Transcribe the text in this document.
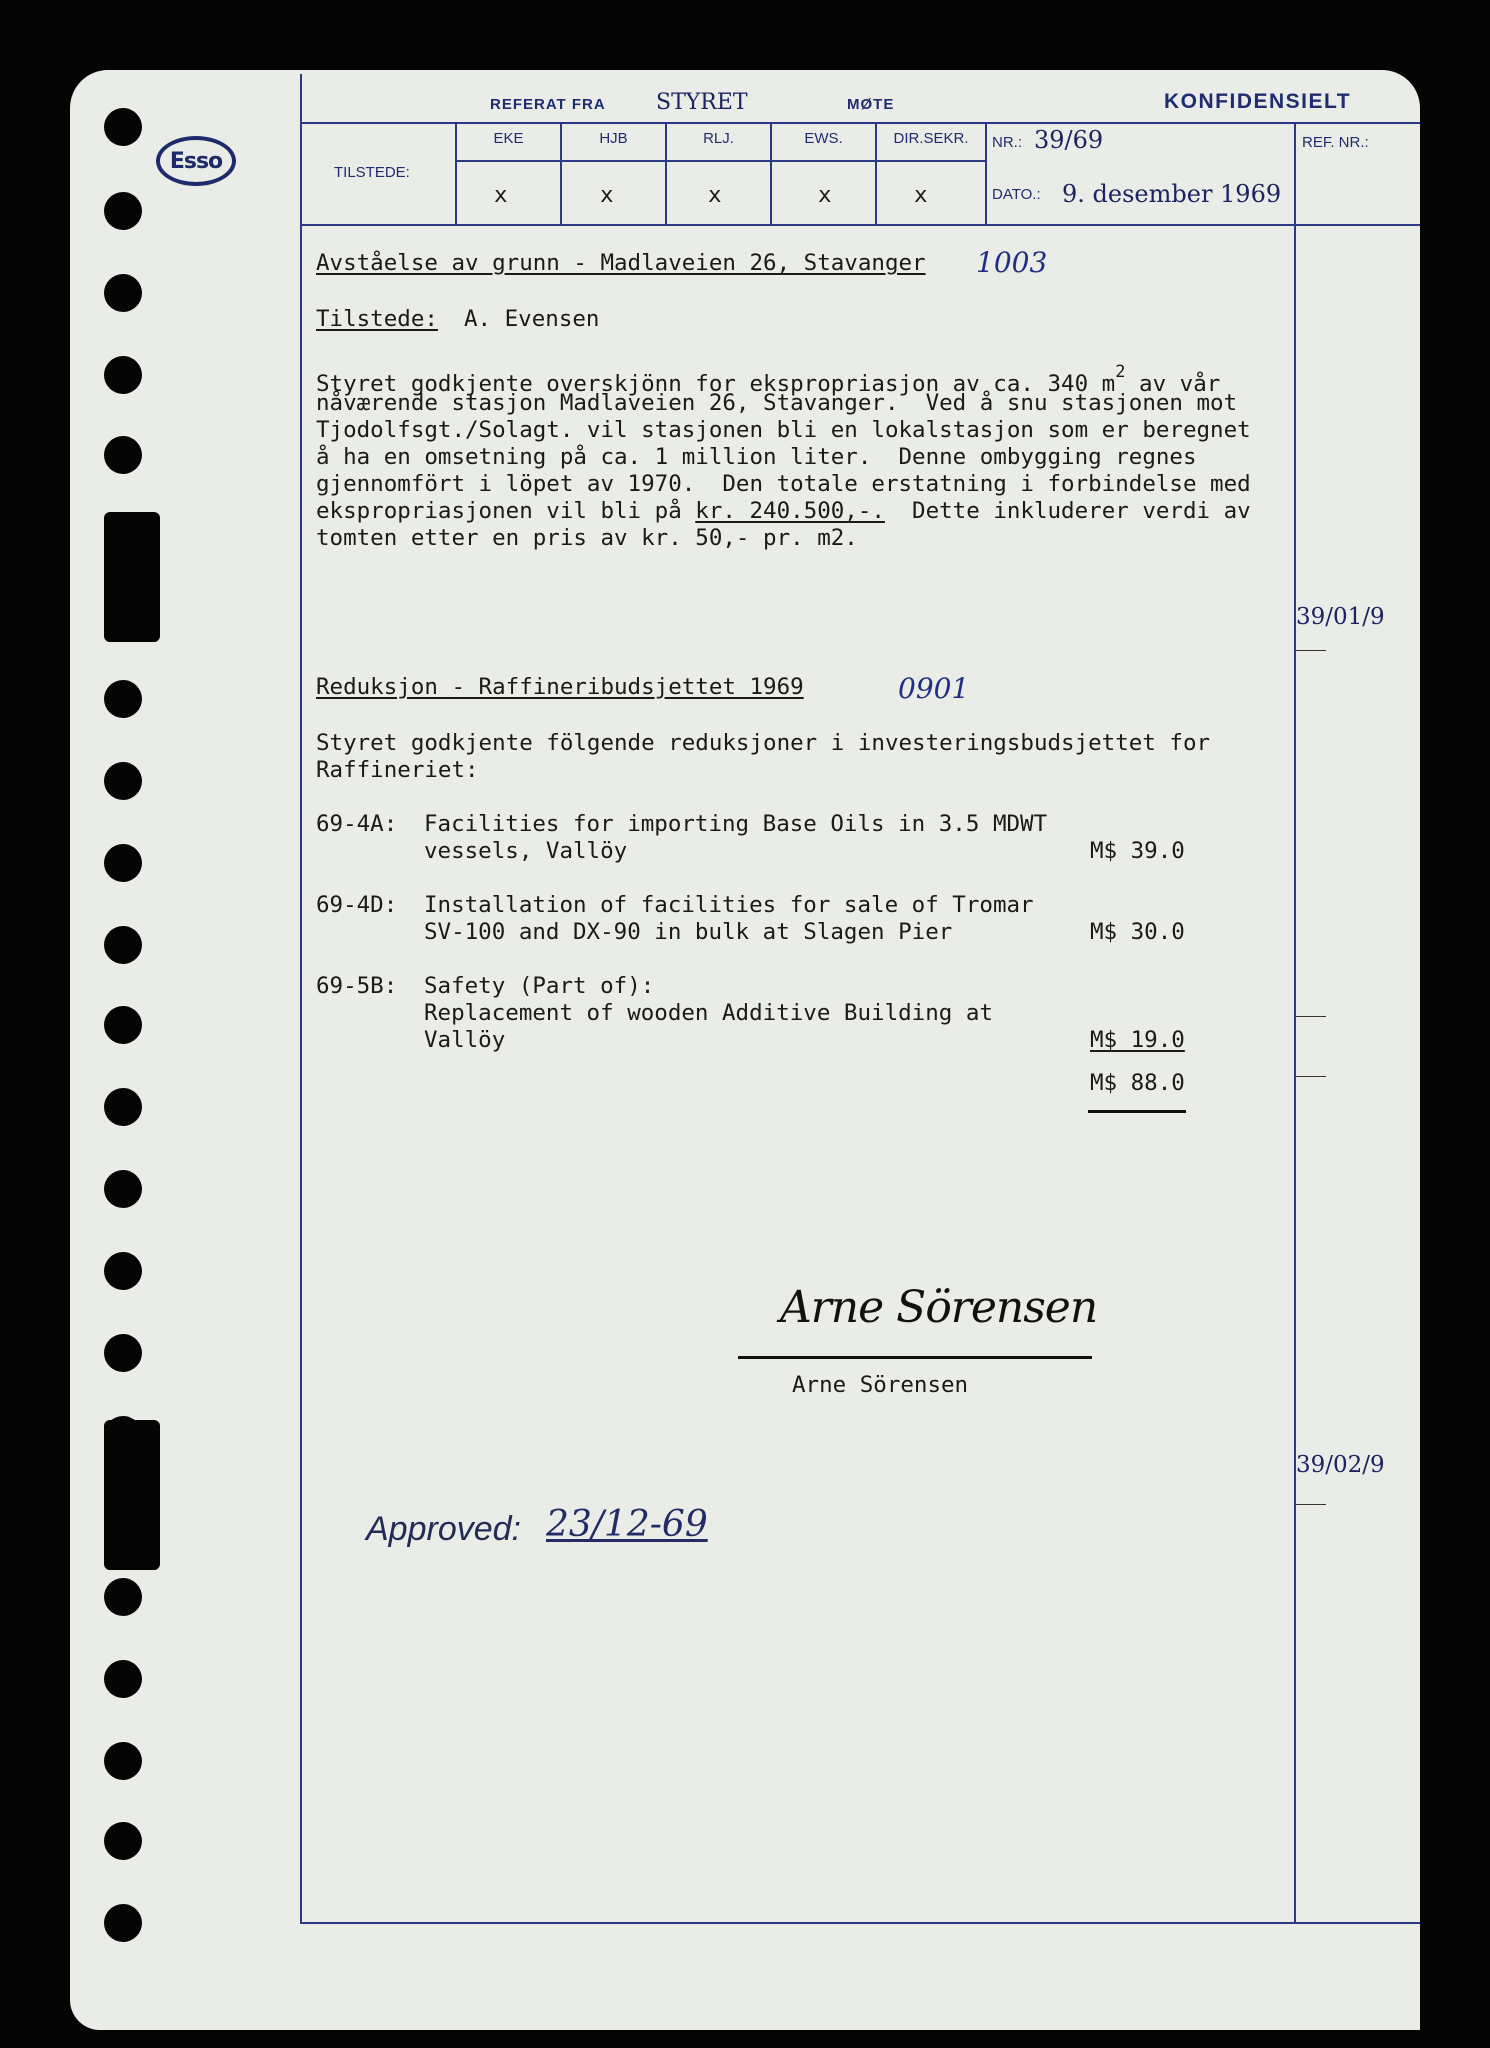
Esso
REFERAT FRA STYRET	MØTE	KONFIDENSIELT
TILSTEDE:
EKE	HJB	RLJ.	EWS.	DIR.SEKR.
x	x	x	x	x
NR.: 39/69
DATO.: 9. desember 1969
REF. NR.:
Avståelse av grunn - Madlaveien 26, Stavanger 1003
Tilstede: A. Evensen
Styret godkjente overskjönn for ekspropriasjon av ca. 340 $m^2$ av vår
nåværende stasjon Madlaveien 26, Stavanger.  Ved å snu stasjonen mot
Tjodolfsgt./Solagt. vil stasjonen bli en lokalstasjon som er beregnet
å ha en omsetning på ca. 1 million liter.  Denne ombygging regnes
gjennomfört i löpet av 1970.  Den totale erstatning i forbindelse med
ekspropriasjonen vil bli på kr. 240.500,-.  Dette inkluderer verdi av
tomten etter en pris av kr. 50,- pr. m2.
39/01/9
Reduksjon - Raffineribudsjettet 1969	0901
Styret godkjente fölgende reduksjoner i investeringsbudsjettet for
Raffineriet:
69-4A: Facilities for importing Base Oils in 3.5 MDWT
vessels, Vallöy	M$ 39.0
69-4D: Installation of facilities for sale of Tromar
SV-100 and DX-90 in bulk at Slagen Pier	M$ 30.0
69-5B: Safety (Part of):
Replacement of wooden Additive Building at
Vallöy	M$ 19.0
M$ 88.0
Arne Sörensen
Arne Sörensen
39/02/9
Approved: 23/12-69
